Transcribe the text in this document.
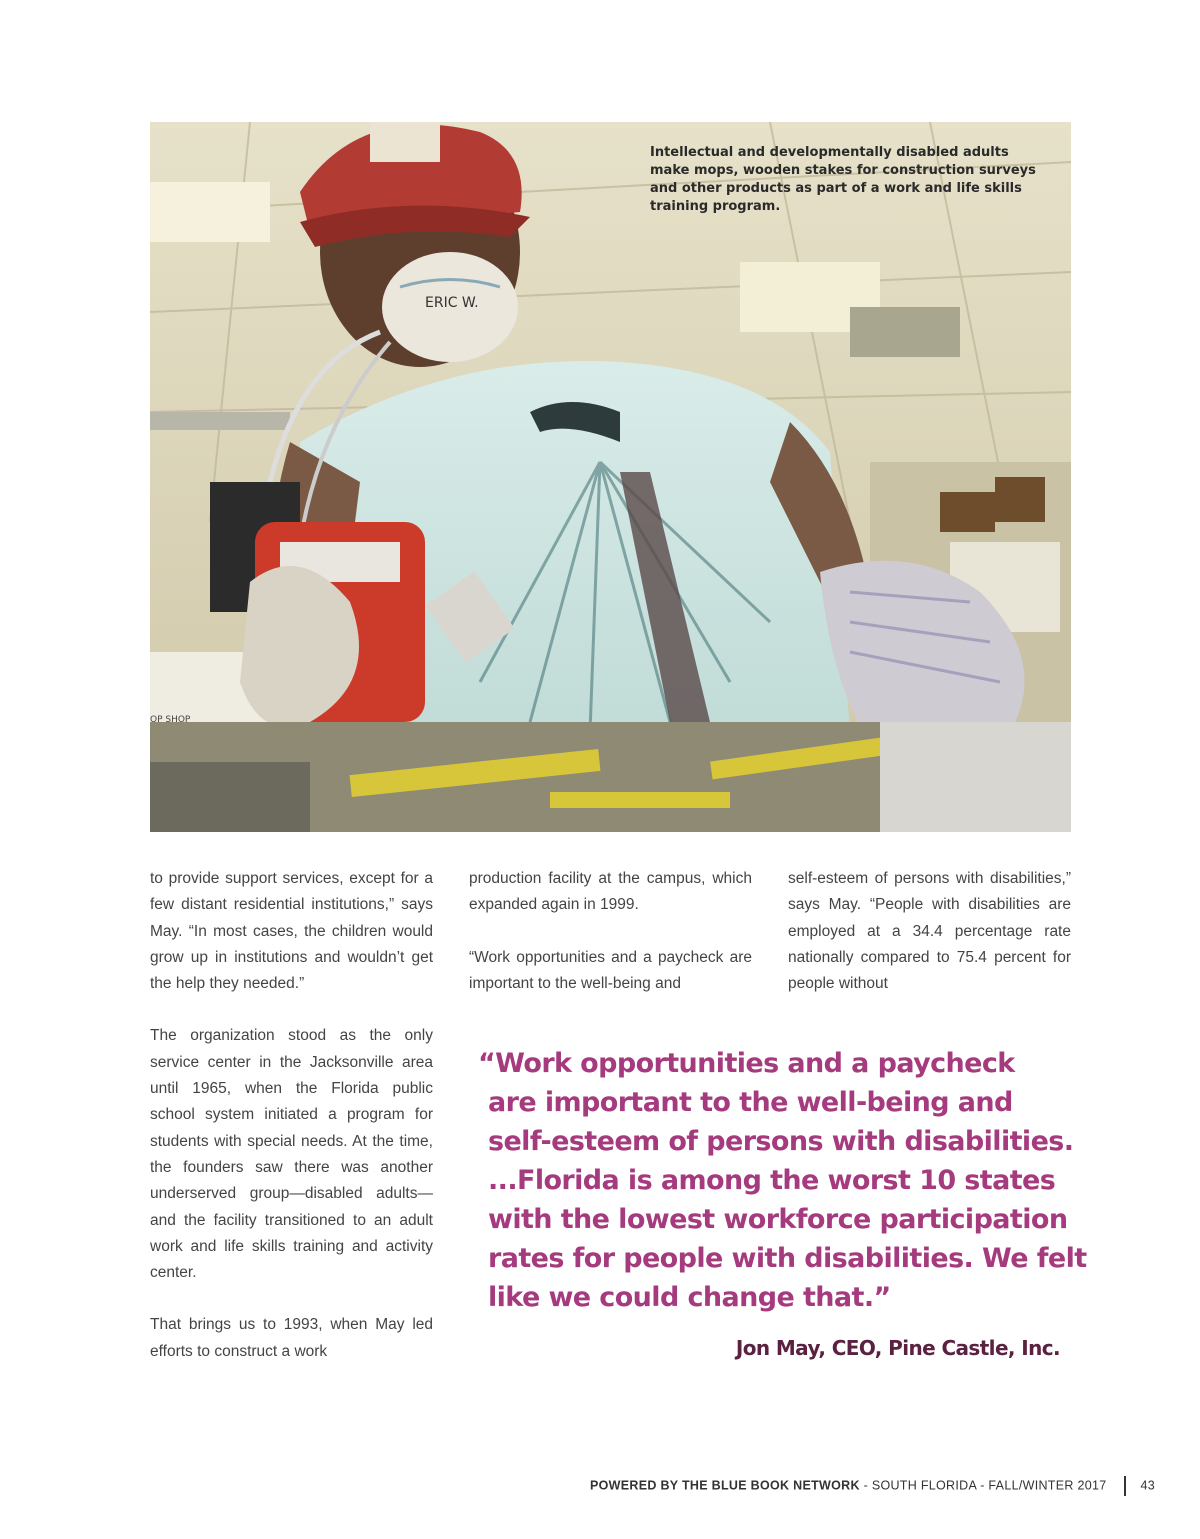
ERIC W.
OP SHOP
Intellectual and developmentally disabled adults make mops, wooden stakes for construction surveys and other products as part of a work and life skills training program.

to provide support services, except for a few distant residential institutions,” says May. “In most cases, the children would grow up in institutions and wouldn’t get the help they needed.”

The organization stood as the only service center in the Jacksonville area until 1965, when the Florida public school system initiated a program for students with special needs. At the time, the founders saw there was another underserved group—disabled adults—and the facility transitioned to an adult work and life skills training and activity center.

That brings us to 1993, when May led efforts to construct a work

production facility at the campus, which expanded again in 1999.

“Work opportunities and a paycheck are important to the well-being and

self-esteem of persons with disabilities,” says May. “People with disabilities are employed at a 34.4 percentage rate nationally compared to 75.4 percent for people without

“Work opportunities and a paycheck
are important to the well-being and
self-esteem of persons with disabilities.
...Florida is among the worst 10 states
with the lowest workforce participation
rates for people with disabilities. We felt
like we could change that.”
Jon May, CEO, Pine Castle, Inc.
POWERED BY THE BLUE BOOK NETWORK - SOUTH FLORIDA - FALL/WINTER 2017	43
